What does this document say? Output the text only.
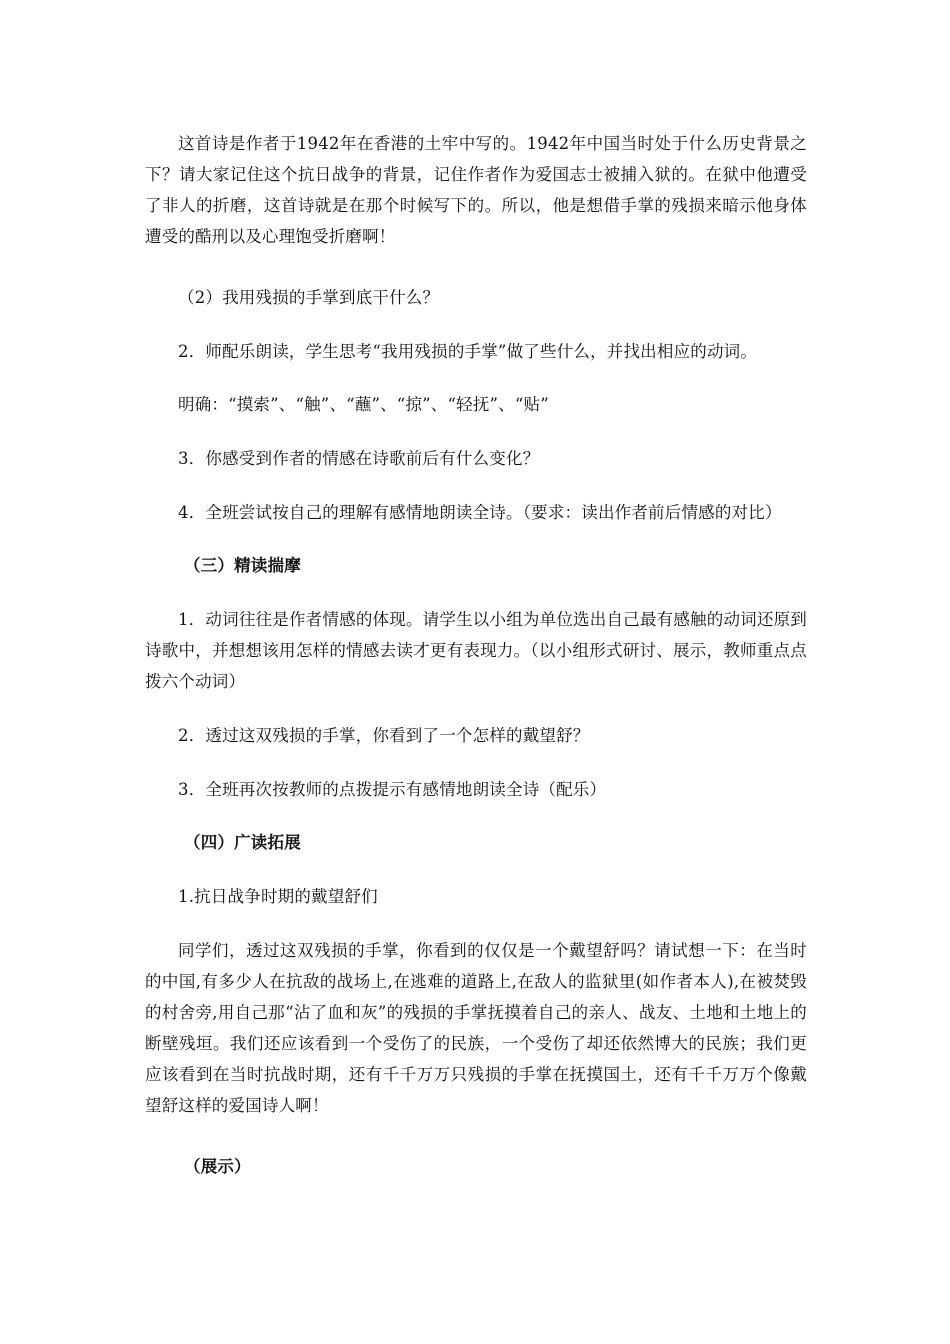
这首诗是作者于1942年在香港的土牢中写的。1942年中国当时处于什么历史背景之下？请大家记住这个抗日战争的背景，记住作者作为爱国志士被捕入狱的。在狱中他遭受了非人的折磨，这首诗就是在那个时候写下的。所以，他是想借手掌的残损来暗示他身体遭受的酷刑以及心理饱受折磨啊！

（2）我用残损的手掌到底干什么？

2．师配乐朗读，学生思考“我用残损的手掌”做了些什么，并找出相应的动词。

明确：“摸索”、“触”、“蘸”、“掠”、“轻抚”、“贴”

3．你感受到作者的情感在诗歌前后有什么变化？

4．全班尝试按自己的理解有感情地朗读全诗。（要求：读出作者前后情感的对比）

（三）精读揣摩

1．动词往往是作者情感的体现。请学生以小组为单位选出自己最有感触的动词还原到诗歌中，并想想该用怎样的情感去读才更有表现力。（以小组形式研讨、展示，教师重点点拨六个动词）

2．透过这双残损的手掌，你看到了一个怎样的戴望舒？

3．全班再次按教师的点拨提示有感情地朗读全诗（配乐）

（四）广读拓展

1.抗日战争时期的戴望舒们

同学们，透过这双残损的手掌，你看到的仅仅是一个戴望舒吗？请试想一下：在当时的中国,有多少人在抗敌的战场上,在逃难的道路上,在敌人的监狱里(如作者本人),在被焚毁的村舍旁,用自己那“沾了血和灰”的残损的手掌抚摸着自己的亲人、战友、土地和土地上的断壁残垣。我们还应该看到一个受伤了的民族，一个受伤了却还依然博大的民族；我们更应该看到在当时抗战时期，还有千千万万只残损的手掌在抚摸国土，还有千千万万个像戴望舒这样的爱国诗人啊！

（展示）
